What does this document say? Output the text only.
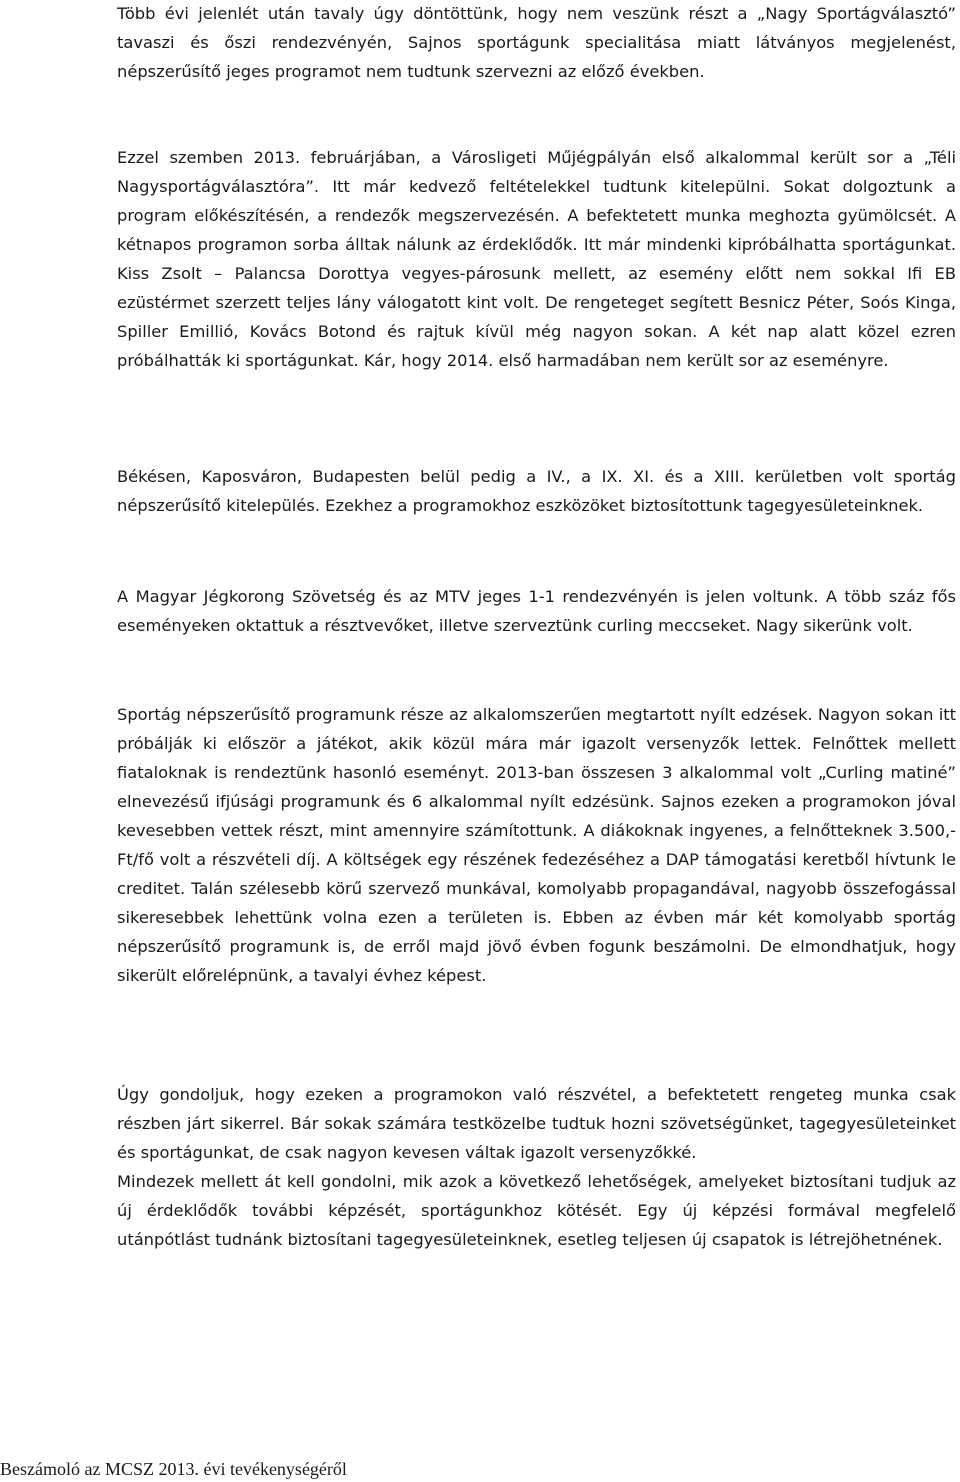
Több évi jelenlét után tavaly úgy döntöttünk, hogy nem veszünk részt a „Nagy Sportágválasztó” tavaszi és őszi rendezvényén, Sajnos sportágunk specialitása miatt látványos megjelenést, népszerűsítő jeges programot nem tudtunk szervezni az előző években.

Ezzel szemben 2013. februárjában, a Városligeti Műjégpályán első alkalommal került sor a „Téli Nagysportágválasztóra”. Itt már kedvező feltételekkel tudtunk kitelepülni. Sokat dolgoztunk a program előkészítésén, a rendezők megszervezésén. A befektetett munka meghozta gyümölcsét. A kétnapos programon sorba álltak nálunk az érdeklődők. Itt már mindenki kipróbálhatta sportágunkat. Kiss Zsolt – Palancsa Dorottya vegyes-párosunk mellett, az esemény előtt nem sokkal Ifi EB ezüstérmet szerzett teljes lány válogatott kint volt. De rengeteget segített Besnicz Péter, Soós Kinga, Spiller Emillió, Kovács Botond és rajtuk kívül még nagyon sokan. A két nap alatt közel ezren próbálhatták ki sportágunkat. Kár, hogy 2014. első harmadában nem került sor az eseményre.

Békésen, Kaposváron, Budapesten belül pedig a IV., a IX. XI. és a XIII. kerületben volt sportág népszerűsítő kitelepülés. Ezekhez a programokhoz eszközöket biztosítottunk tagegyesületeinknek.

A Magyar Jégkorong Szövetség és az MTV jeges 1-1 rendezvényén is jelen voltunk. A több száz fős eseményeken oktattuk a résztvevőket, illetve szerveztünk curling meccseket. Nagy sikerünk volt.

Sportág népszerűsítő programunk része az alkalomszerűen megtartott nyílt edzések. Nagyon sokan itt próbálják ki először a játékot, akik közül mára már igazolt versenyzők lettek. Felnőttek mellett fiataloknak is rendeztünk hasonló eseményt. 2013-ban összesen 3 alkalommal volt „Curling matiné” elnevezésű ifjúsági programunk és 6 alkalommal nyílt edzésünk. Sajnos ezeken a programokon jóval kevesebben vettek részt, mint amennyire számítottunk. A diákoknak ingyenes, a felnőtteknek 3.500,- Ft/fő volt a részvételi díj. A költségek egy részének fedezéséhez a DAP támogatási keretből hívtunk le creditet. Talán szélesebb körű szervező munkával, komolyabb propagandával, nagyobb összefogással sikeresebbek lehettünk volna ezen a területen is. Ebben az évben már két komolyabb sportág népszerűsítő programunk is, de erről majd jövő évben fogunk beszámolni. De elmondhatjuk, hogy sikerült előrelépnünk, a tavalyi évhez képest.

Úgy gondoljuk, hogy ezeken a programokon való részvétel, a befektetett rengeteg munka csak részben járt sikerrel. Bár sokak számára testközelbe tudtuk hozni szövetségünket, tagegyesületeinket és sportágunkat, de csak nagyon kevesen váltak igazolt versenyzőkké.

Mindezek mellett át kell gondolni, mik azok a következő lehetőségek, amelyeket biztosítani tudjuk az új érdeklődők további képzését, sportágunkhoz kötését. Egy új képzési formával megfelelő utánpótlást tudnánk biztosítani tagegyesületeinknek, esetleg teljesen új csapatok is létrejöhetnének.

Beszámoló az MCSZ 2013. évi tevékenységéről
